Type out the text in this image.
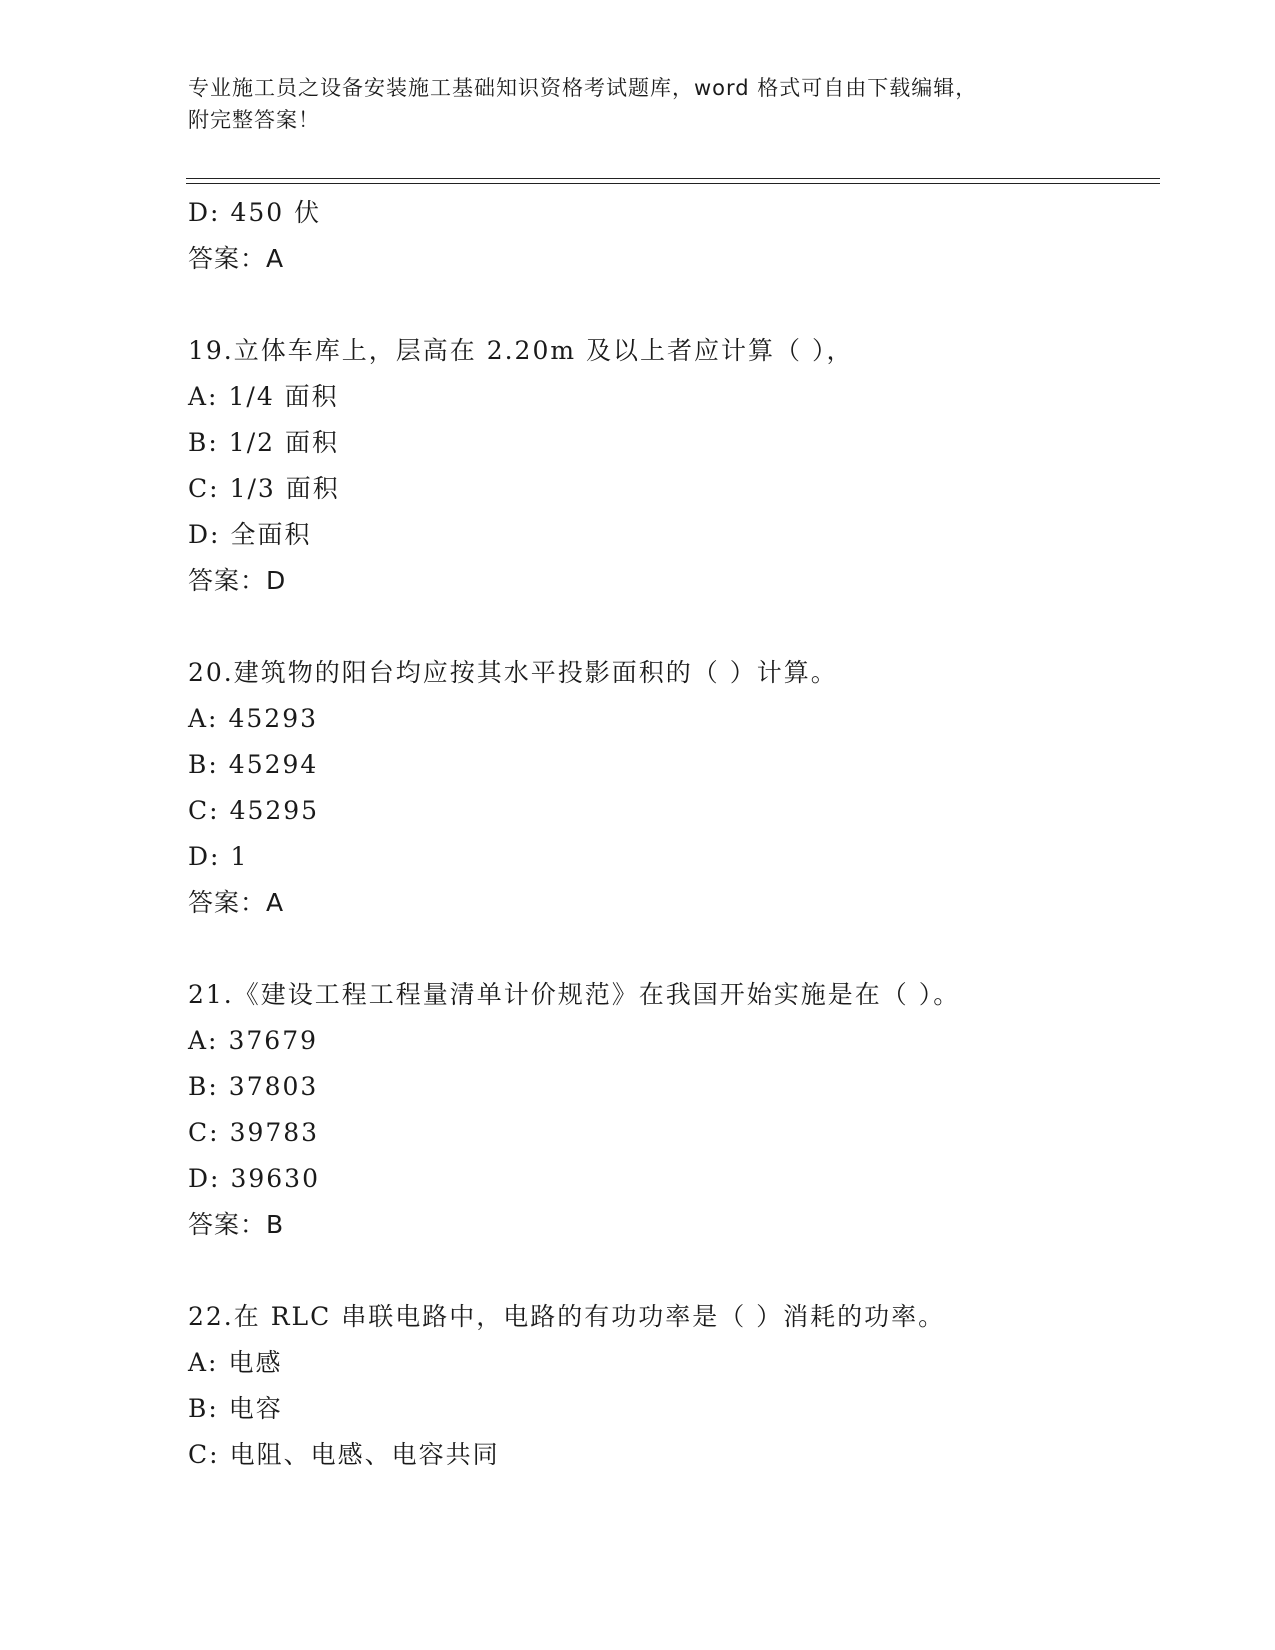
专业施工员之设备安装施工基础知识资格考试题库，word 格式可自由下载编辑，
附完整答案！
D: 450 伏
答案：A
19.立体车库上，层高在 2.20m 及以上者应计算（ ），
A: 1/4 面积
B: 1/2 面积
C: 1/3 面积
D: 全面积
答案：D
20.建筑物的阳台均应按其水平投影面积的（ ）计算。
A: 45293
B: 45294
C: 45295
D: 1
答案：A
21.《建设工程工程量清单计价规范》在我国开始实施是在（ ）。
A: 37679
B: 37803
C: 39783
D: 39630
答案：B
22.在 RLC 串联电路中，电路的有功功率是（ ）消耗的功率。
A: 电感
B: 电容
C: 电阻、电感、电容共同
